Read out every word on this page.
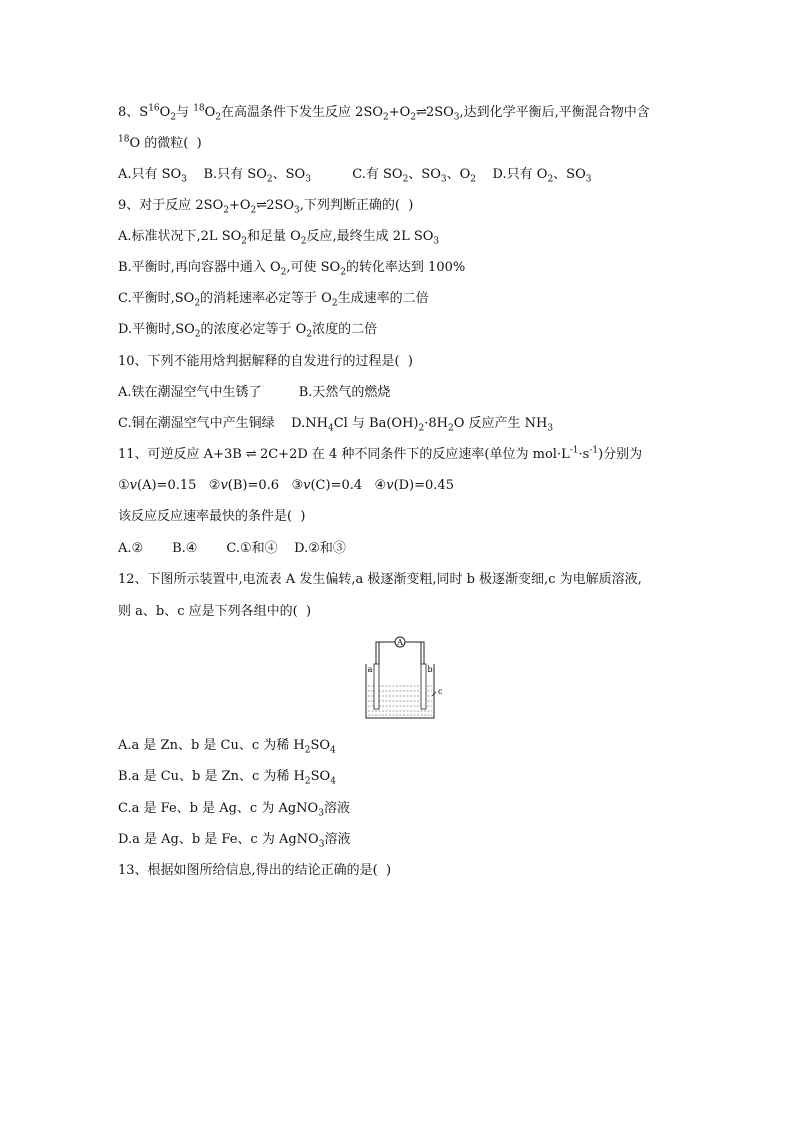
8、$S^{16}O_2$与 $^{18}O_2$在高温条件下发生反应 $2SO_2+O_2\rightleftharpoons 2SO_3$,达到化学平衡后,平衡混合物中含
$^{18}$O 的微粒(  )
A.只有 $SO_3$    B.只有 $SO_2$、$SO_3$          C.有 $SO_2$、$SO_3$、$O_2$    D.只有 $O_2$、$SO_3$
9、对于反应 $2SO_2+O_2\rightleftharpoons 2SO_3$,下列判断正确的(  )
A.标准状况下,2L $SO_2$和足量 $O_2$反应,最终生成 2L $SO_3$
B.平衡时,再向容器中通入 $O_2$,可使 $SO_2$的转化率达到 100%
C.平衡时$,SO_2$的消耗速率必定等于 $O_2$生成速率的二倍
D.平衡时$,SO_2$的浓度必定等于 $O_2$浓度的二倍
10、下列不能用焓判据解释的自发进行的过程是(  )
A.铁在潮湿空气中生锈了         B.天然气的燃烧
C.铜在潮湿空气中产生铜绿    $D.NH_4Cl$ 与 $Ba(OH)_2\cdot 8H_2O$ 反应产生 $NH_3$
11、可逆反应 A+3B ⇌ 2C+2D 在 4 种不同条件下的反应速率(单位为 $mol\cdot L^{-1}\cdot s^{-1}$)分别为
①v(A)=0.15   ②v(B)=0.6   ③v(C)=0.4   ④v(D)=0.45
该反应反应速率最快的条件是(  )
A.②       B.④       C.①和④    D.②和③
12、下图所示装置中,电流表 A 发生偏转,a 极逐渐变粗,同时 b 极逐渐变细,c 为电解质溶液,
则 a、b、c 应是下列各组中的(  )
A.a 是 Zn、b 是 Cu、c 为稀 $H_2SO_4$
B.a 是 Cu、b 是 Zn、c 为稀 $H_2SO_4$
C.a 是 Fe、b 是 Ag、c 为 AgNO$_3$溶液
D.a 是 Ag、b 是 Fe、c 为 AgNO$_3$溶液
13、根据如图所给信息,得出的结论正确的是(  )
A
a	b
c
